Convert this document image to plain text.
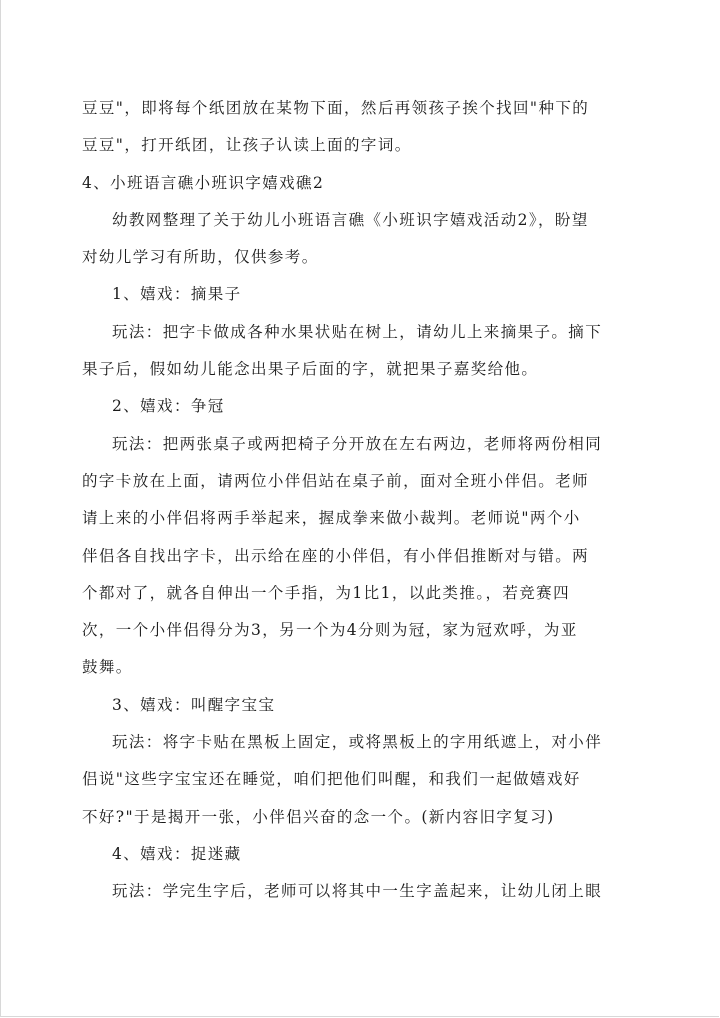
豆豆"，即将每个纸团放在某物下面，然后再领孩子挨个找回"种下的

豆豆"，打开纸团，让孩子认读上面的字词。

4、小班语言礁小班识字嬉戏礁2

幼教网整理了关于幼儿小班语言礁《小班识字嬉戏活动2》，盼望

对幼儿学习有所助，仅供参考。

1、嬉戏：摘果子

玩法：把字卡做成各种水果状贴在树上，请幼儿上来摘果子。摘下

果子后，假如幼儿能念出果子后面的字，就把果子嘉奖给他。

2、嬉戏：争冠

玩法：把两张桌子或两把椅子分开放在左右两边，老师将两份相同

的字卡放在上面，请两位小伴侣站在桌子前，面对全班小伴侣。老师

请上来的小伴侣将两手举起来，握成拳来做小裁判。老师说"两个小

伴侣各自找出字卡，出示给在座的小伴侣，有小伴侣推断对与错。两

个都对了，就各自伸出一个手指，为1比1，以此类推。，若竞赛四

次，一个小伴侣得分为3，另一个为4分则为冠，家为冠欢呼，为亚

鼓舞。

3、嬉戏：叫醒字宝宝

玩法：将字卡贴在黑板上固定，或将黑板上的字用纸遮上，对小伴

侣说"这些字宝宝还在睡觉，咱们把他们叫醒，和我们一起做嬉戏好

不好?"于是揭开一张，小伴侣兴奋的念一个。(新内容旧字复习)

4、嬉戏：捉迷藏

玩法：学完生字后，老师可以将其中一生字盖起来，让幼儿闭上眼
